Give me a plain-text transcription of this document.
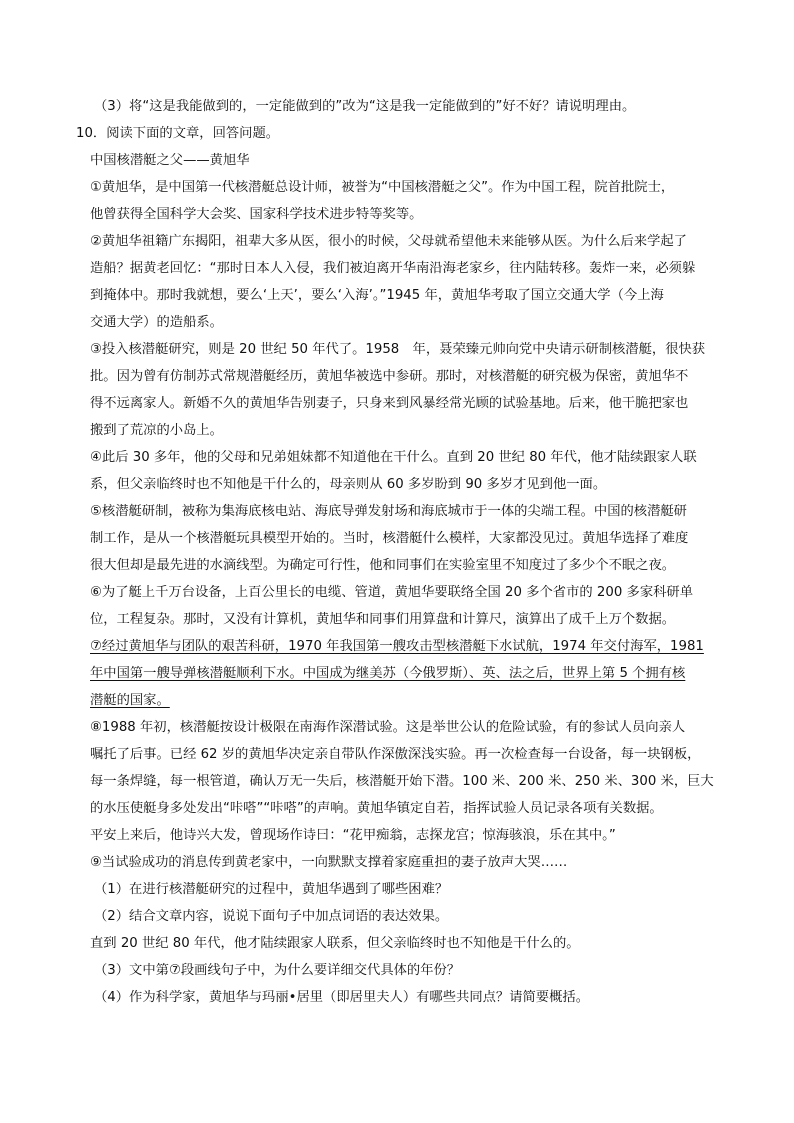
（3）将“这是我能做到的，一定能做到的”改为“这是我一定能做到的”好不好？请说明理由。
10．阅读下面的文章，回答问题。
中国核潜艇之父——黄旭华
①黄旭华，是中国第一代核潜艇总设计师，被誉为“中国核潜艇之父”。作为中国工程，院首批院士，
他曾获得全国科学大会奖、国家科学技术进步特等奖等。
②黄旭华祖籍广东揭阳，祖辈大多从医，很小的时候，父母就希望他未来能够从医。为什么后来学起了
造船？据黄老回忆：“那时日本人入侵，我们被迫离开华南沿海老家乡，往内陆转移。轰炸一来，必须躲
到掩体中。那时我就想，要么‘上天’，要么‘入海’。”1945 年，黄旭华考取了国立交通大学（今上海
交通大学）的造船系。
③投入核潜艇研究，则是 20 世纪 50 年代了。1958　年，聂荣臻元帅向党中央请示研制核潜艇，很快获
批。因为曾有仿制苏式常规潜艇经历，黄旭华被选中参研。那时，对核潜艇的研究极为保密，黄旭华不
得不远离家人。新婚不久的黄旭华告别妻子，只身来到风暴经常光顾的试验基地。后来，他干脆把家也
搬到了荒凉的小岛上。
④此后 30 多年，他的父母和兄弟姐妹都不知道他在干什么。直到 20 世纪 80 年代，他才陆续跟家人联
系，但父亲临终时也不知他是干什么的，母亲则从 60 多岁盼到 90 多岁才见到他一面。
⑤核潜艇研制，被称为集海底核电站、海底导弹发射场和海底城市于一体的尖端工程。中国的核潜艇研
制工作，是从一个核潜艇玩具模型开始的。当时，核潜艇什么模样，大家都没见过。黄旭华选择了难度
很大但却是最先进的水滴线型。为确定可行性，他和同事们在实验室里不知度过了多少个不眠之夜。
⑥为了艇上千万台设备，上百公里长的电缆、管道，黄旭华要联络全国 20 多个省市的 200 多家科研单
位，工程复杂。那时，又没有计算机，黄旭华和同事们用算盘和计算尺，演算出了成千上万个数据。
⑦经过黄旭华与团队的艰苦科研，1970 年我国第一艘攻击型核潜艇下水试航，1974 年交付海军，1981
年中国第一艘导弹核潜艇顺利下水。中国成为继美苏（今俄罗斯）、英、法之后，世界上第 5 个拥有核
潜艇的国家。
⑧1988 年初，核潜艇按设计极限在南海作深潜试验。这是举世公认的危险试验，有的参试人员向亲人
嘱托了后事。已经 62 岁的黄旭华决定亲自带队作深傲深浅实验。再一次检查每一台设备，每一块钢板，
每一条焊缝，每一根管道，确认万无一失后，核潜艇开始下潜。100 米、200 米、250 米、300 米，巨大
的水压使艇身多处发出“咔嗒”“咔嗒”的声响。黄旭华镇定自若，指挥试验人员记录各项有关数据。
平安上来后，他诗兴大发，曾现场作诗曰：“花甲痴翁，志探龙宫；惊海骇浪，乐在其中。”
⑨当试验成功的消息传到黄老家中，一向默默支撑着家庭重担的妻子放声大哭……
（1）在进行核潜艇研究的过程中，黄旭华遇到了哪些困难？
（2）结合文章内容，说说下面句子中加点词语的表达效果。
直到 20 世纪 80 年代，他才陆续跟家人联系，但父亲临终时也不知他是干什么的。
（3）文中第⑦段画线句子中，为什么要详细交代具体的年份？
（4）作为科学家，黄旭华与玛丽•居里（即居里夫人）有哪些共同点？请简要概括。
